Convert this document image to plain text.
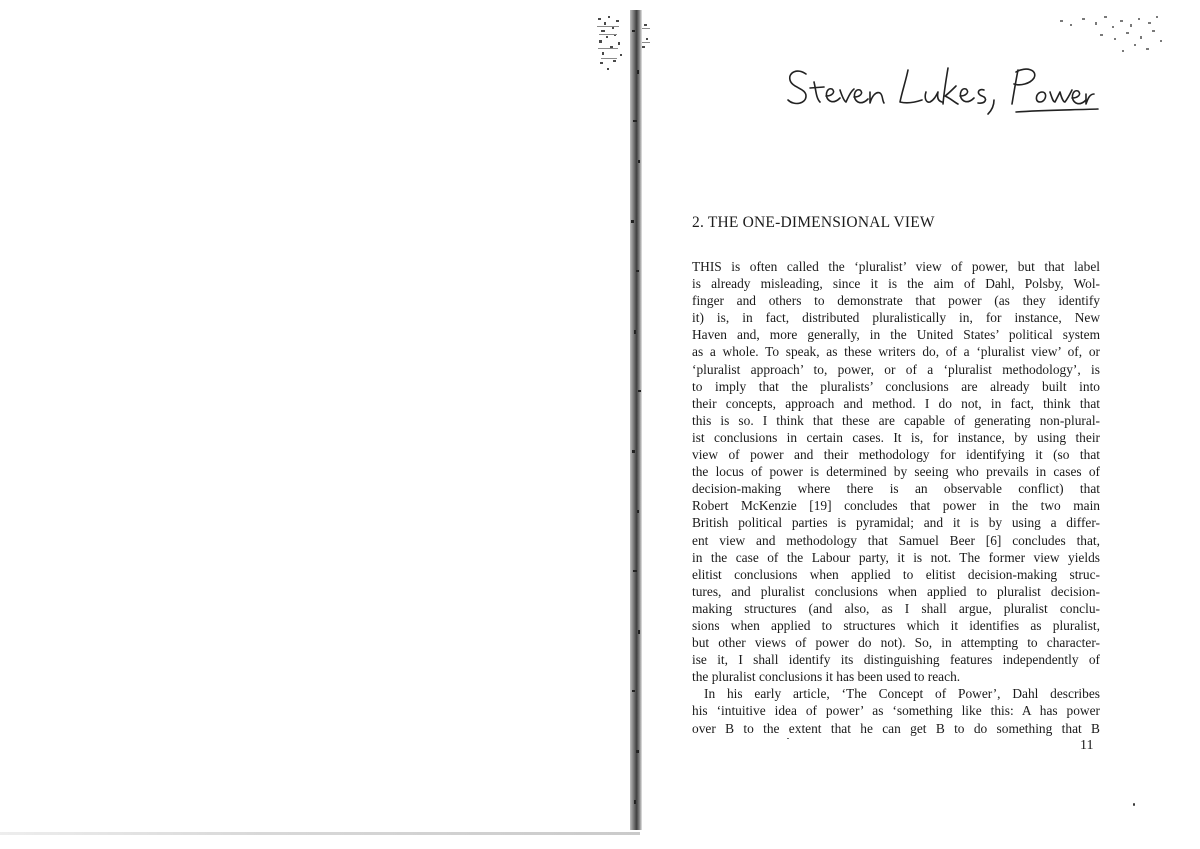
2. THE ONE-DIMENSIONAL VIEW
THIS is often called the ‘pluralist’ view of power, but that label
is already misleading, since it is the aim of Dahl, Polsby, Wol-
finger and others to demonstrate that power (as they identify
it) is, in fact, distributed pluralistically in, for instance, New
Haven and, more generally, in the United States’ political system
as a whole. To speak, as these writers do, of a ‘pluralist view’ of, or
‘pluralist approach’ to, power, or of a ‘pluralist methodology’, is
to imply that the pluralists’ conclusions are already built into
their concepts, approach and method. I do not, in fact, think that
this is so. I think that these are capable of generating non-plural-
ist conclusions in certain cases. It is, for instance, by using their
view of power and their methodology for identifying it (so that
the locus of power is determined by seeing who prevails in cases of
decision-making where there is an observable conflict) that
Robert McKenzie [19] concludes that power in the two main
British political parties is pyramidal; and it is by using a differ-
ent view and methodology that Samuel Beer [6] concludes that,
in the case of the Labour party, it is not. The former view yields
elitist conclusions when applied to elitist decision-making struc-
tures, and pluralist conclusions when applied to pluralist decision-
making structures (and also, as I shall argue, pluralist conclu-
sions when applied to structures which it identifies as pluralist,
but other views of power do not). So, in attempting to character-
ise it, I shall identify its distinguishing features independently of
the pluralist conclusions it has been used to reach.
In his early article, ‘The Concept of Power’, Dahl describes
his ‘intuitive idea of power’ as ‘something like this: A has power
over B to the extent that he can get B to do something that B

11
